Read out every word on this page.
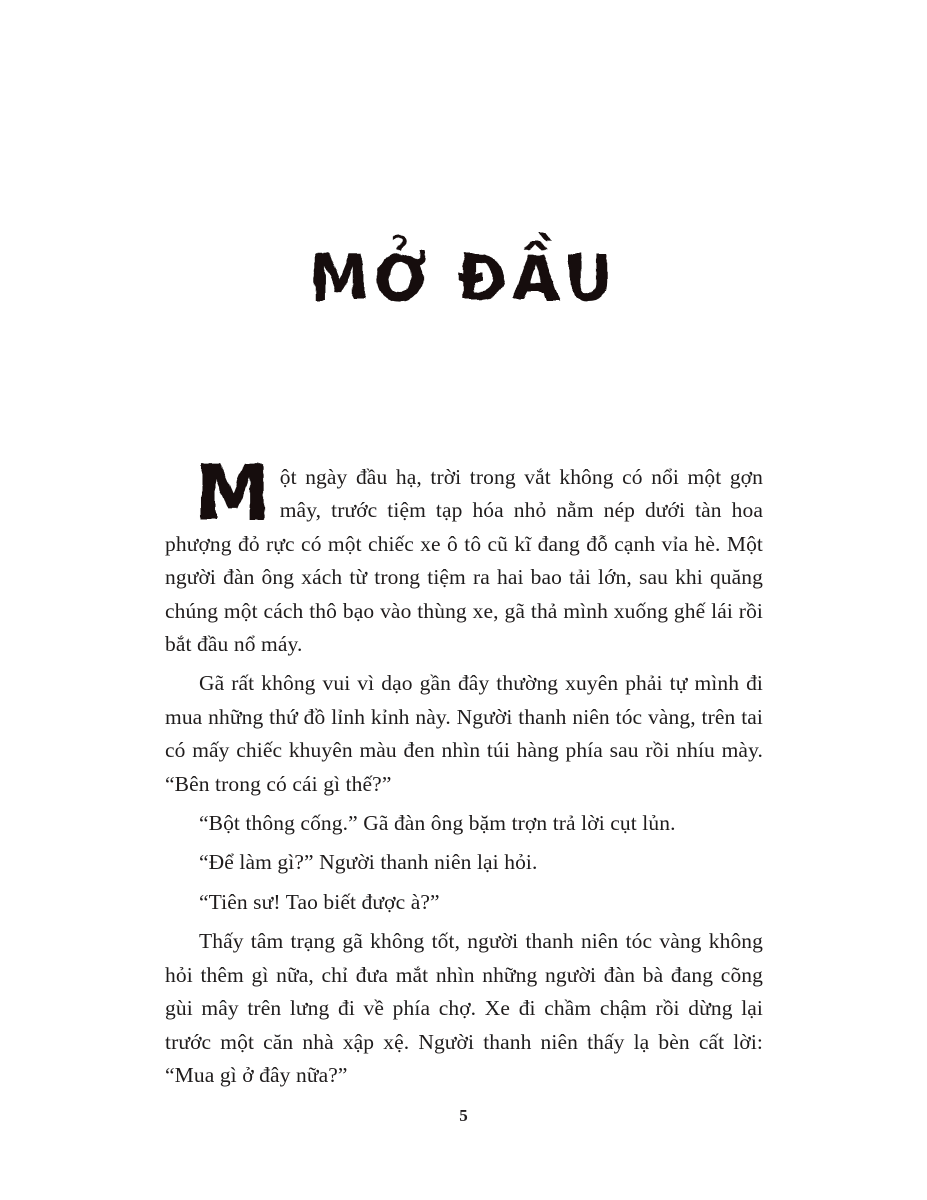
MỞ ĐẦU

Một ngày đầu hạ, trời trong vắt không có nổi một gợn mây, trước tiệm tạp hóa nhỏ nằm nép dưới tàn hoa phượng đỏ rực có một chiếc xe ô tô cũ kĩ đang đỗ cạnh vỉa hè. Một người đàn ông xách từ trong tiệm ra hai bao tải lớn, sau khi quăng chúng một cách thô bạo vào thùng xe, gã thả mình xuống ghế lái rồi bắt đầu nổ máy.

Gã rất không vui vì dạo gần đây thường xuyên phải tự mình đi mua những thứ đồ lỉnh kỉnh này. Người thanh niên tóc vàng, trên tai có mấy chiếc khuyên màu đen nhìn túi hàng phía sau rồi nhíu mày. “Bên trong có cái gì thế?”

“Bột thông cống.” Gã đàn ông bặm trợn trả lời cụt lủn.

“Để làm gì?” Người thanh niên lại hỏi.

“Tiên sư! Tao biết được à?”

Thấy tâm trạng gã không tốt, người thanh niên tóc vàng không hỏi thêm gì nữa, chỉ đưa mắt nhìn những người đàn bà đang cõng gùi mây trên lưng đi về phía chợ. Xe đi chầm chậm rồi dừng lại trước một căn nhà xập xệ. Người thanh niên thấy lạ bèn cất lời: “Mua gì ở đây nữa?”

5
